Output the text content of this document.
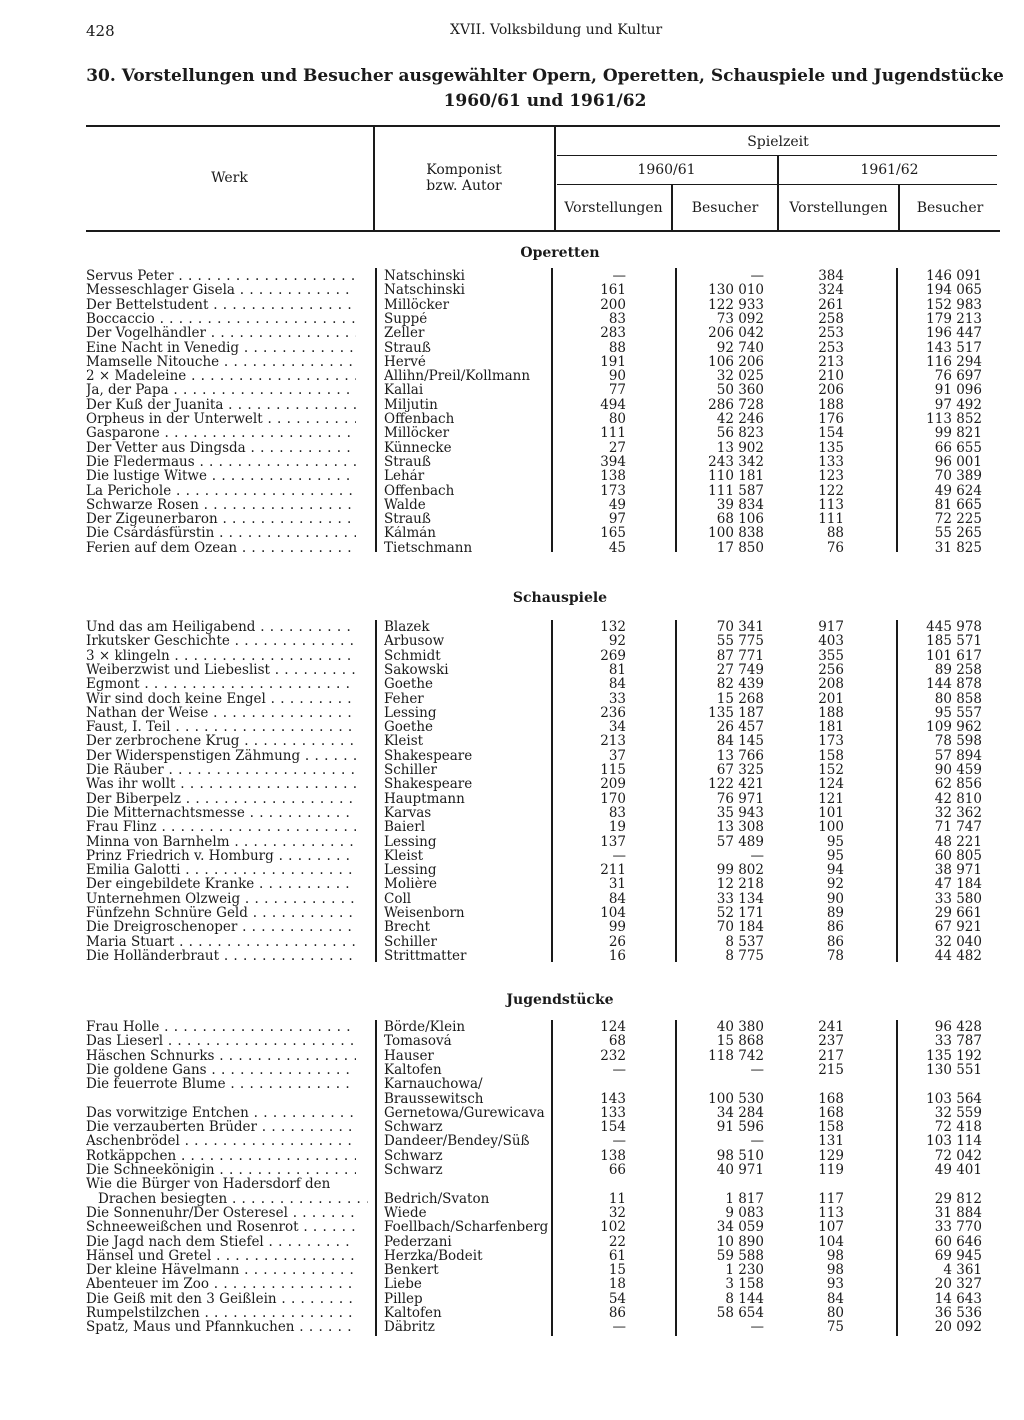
428	XVII. Volksbildung und Kultur
30. Vorstellungen und Besucher ausgewählter Opern, Operetten, Schauspiele und Jugendstücke
1960/61 und 1961/62
Werk	Komponist
bzw. Autor
Spielzeit
1960/61	1961/62
Vorstellungen	Besucher	Vorstellungen	Besucher
Operetten
Servus Peter . . .	Natschinski	—	—	384	146 091
Messeschlager Gisela . . .	Natschinski	161	130 010	324	194 065
Der Bettelstudent . . .	Millöcker	200	122 933	261	152 983
Boccaccio . . .	Suppé	83	73 092	258	179 213
Der Vogelhändler . . .	Zeller	283	206 042	253	196 447
Eine Nacht in Venedig . . .	Strauß	88	92 740	253	143 517
Mamselle Nitouche . . .	Hervé	191	106 206	213	116 294
2 × Madeleine . . .	Allihn/Preil/Kollmann	90	32 025	210	76 697
Ja, der Papa . . .	Kallai	77	50 360	206	91 096
Der Kuß der Juanita . . .	Miljutin	494	286 728	188	97 492
Orpheus in der Unterwelt . . .	Offenbach	80	42 246	176	113 852
Gasparone . . .	Millöcker	111	56 823	154	99 821
Der Vetter aus Dingsda . . .	Künnecke	27	13 902	135	66 655
Die Fledermaus . . .	Strauß	394	243 342	133	96 001
Die lustige Witwe . . .	Lehár	138	110 181	123	70 389
La Perichole . . .	Offenbach	173	111 587	122	49 624
Schwarze Rosen . . .	Walde	49	39 834	113	81 665
Der Zigeunerbaron . . .	Strauß	97	68 106	111	72 225
Die Csárdásfürstin . . .	Kálmán	165	100 838	88	55 265
Ferien auf dem Ozean . . .	Tietschmann	45	17 850	76	31 825
Schauspiele
Und das am Heiligabend . . .	Blazek	132	70 341	917	445 978
Irkutsker Geschichte . . .	Arbusow	92	55 775	403	185 571
3 × klingeln . . .	Schmidt	269	87 771	355	101 617
Weiberzwist und Liebeslist . . .	Sakowski	81	27 749	256	89 258
Egmont . . .	Goethe	84	82 439	208	144 878
Wir sind doch keine Engel . . .	Feher	33	15 268	201	80 858
Nathan der Weise . . .	Lessing	236	135 187	188	95 557
Faust, I. Teil . . .	Goethe	34	26 457	181	109 962
Der zerbrochene Krug . . .	Kleist	213	84 145	173	78 598
Der Widerspenstigen Zähmung . . .	Shakespeare	37	13 766	158	57 894
Die Räuber . . .	Schiller	115	67 325	152	90 459
Was ihr wollt . . .	Shakespeare	209	122 421	124	62 856
Der Biberpelz . . .	Hauptmann	170	76 971	121	42 810
Die Mitternachtsmesse . . .	Karvas	83	35 943	101	32 362
Frau Flinz . . .	Baierl	19	13 308	100	71 747
Minna von Barnhelm . . .	Lessing	137	57 489	95	48 221
Prinz Friedrich v. Homburg . . .	Kleist	—	—	95	60 805
Emilia Galotti . . .	Lessing	211	99 802	94	38 971
Der eingebildete Kranke . . .	Molière	31	12 218	92	47 184
Unternehmen Ölzweig . . .	Coll	84	33 134	90	33 580
Fünfzehn Schnüre Geld . . .	Weisenborn	104	52 171	89	29 661
Die Dreigroschenoper . . .	Brecht	99	70 184	86	67 921
Maria Stuart . . .	Schiller	26	8 537	86	32 040
Die Holländerbraut . . .	Strittmatter	16	8 775	78	44 482
Jugendstücke
Frau Holle . . .	Börde/Klein	124	40 380	241	96 428
Das Lieserl . . .	Tomasová	68	15 868	237	33 787
Häschen Schnurks . . .	Hauser	232	118 742	217	135 192
Die goldene Gans . . .	Kaltofen	—	—	215	130 551
Die feuerrote Blume . . .	Karnauchowa/
Braussewitsch	143	100 530	168	103 564
Das vorwitzige Entchen . . .	Gernetowa/Gurewicava	133	34 284	168	32 559
Die verzauberten Brüder . . .	Schwarz	154	91 596	158	72 418
Aschenbrödel . . .	Dandeer/Bendey/Süß	—	—	131	103 114
Rotkäppchen . . .	Schwarz	138	98 510	129	72 042
Die Schneekönigin . . .	Schwarz	66	40 971	119	49 401
Wie die Bürger von Hadersdorf den
Drachen besiegten . . .	Bedrich/Svaton	11	1 817	117	29 812
Die Sonnenuhr/Der Osteresel . . .	Wiede	32	9 083	113	31 884
Schneeweißchen und Rosenrot . . .	Foellbach/Scharfenberg	102	34 059	107	33 770
Die Jagd nach dem Stiefel . . .	Pederzani	22	10 890	104	60 646
Hänsel und Gretel . . .	Herzka/Bodeit	61	59 588	98	69 945
Der kleine Hävelmann . . .	Benkert	15	1 230	98	4 361
Abenteuer im Zoo . . .	Liebe	18	3 158	93	20 327
Die Geiß mit den 3 Geißlein . . .	Pillep	54	8 144	84	14 643
Rumpelstilzchen . . .	Kaltofen	86	58 654	80	36 536
Spatz, Maus und Pfannkuchen . . .	Däbritz	—	—	75	20 092
